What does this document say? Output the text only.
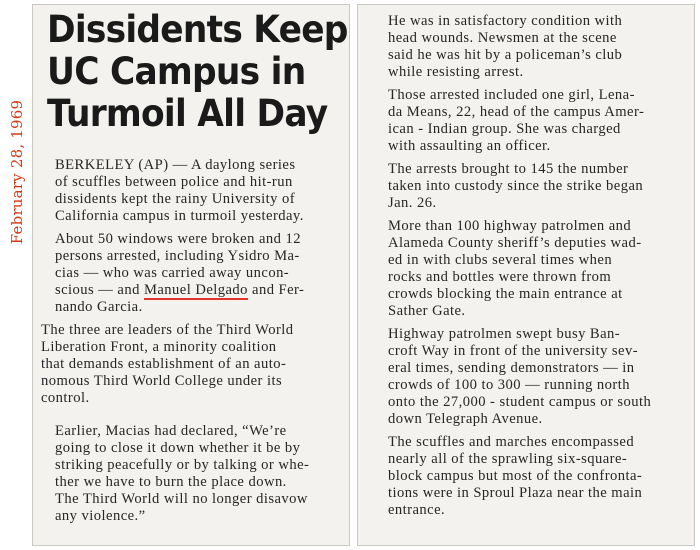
February 28, 1969
Dissidents Keep
UC Campus in
Turmoil All Day
BERKELEY (AP) — A daylong series
of scuffles between police and hit-run
dissidents kept the rainy University of
California campus in turmoil yesterday.
About 50 windows were broken and 12
persons arrested, including Ysidro Ma-
cias — who was carried away uncon-
scious — and Manuel Delgado and Fer-
nando Garcia.
The three are leaders of the Third World
Liberation Front, a minority coalition
that demands establishment of an auto-
nomous Third World College under its
control.
Earlier, Macias had declared, “We’re
going to close it down whether it be by
striking peacefully or by talking or whe-
ther we have to burn the place down.
The Third World will no longer disavow
any violence.”
He was in satisfactory condition with
head wounds. Newsmen at the scene
said he was hit by a policeman’s club
while resisting arrest.
Those arrested included one girl, Lena-
da Means, 22, head of the campus Amer-
ican - Indian group. She was charged
with assaulting an officer.
The arrests brought to 145 the number
taken into custody since the strike began
Jan. 26.
More than 100 highway patrolmen and
Alameda County sheriff’s deputies wad-
ed in with clubs several times when
rocks and bottles were thrown from
crowds blocking the main entrance at
Sather Gate.
Highway patrolmen swept busy Ban-
croft Way in front of the university sev-
eral times, sending demonstrators — in
crowds of 100 to 300 — running north
onto the 27,000 - student campus or south
down Telegraph Avenue.
The scuffles and marches encompassed
nearly all of the sprawling six-square-
block campus but most of the confronta-
tions were in Sproul Plaza near the main
entrance.
